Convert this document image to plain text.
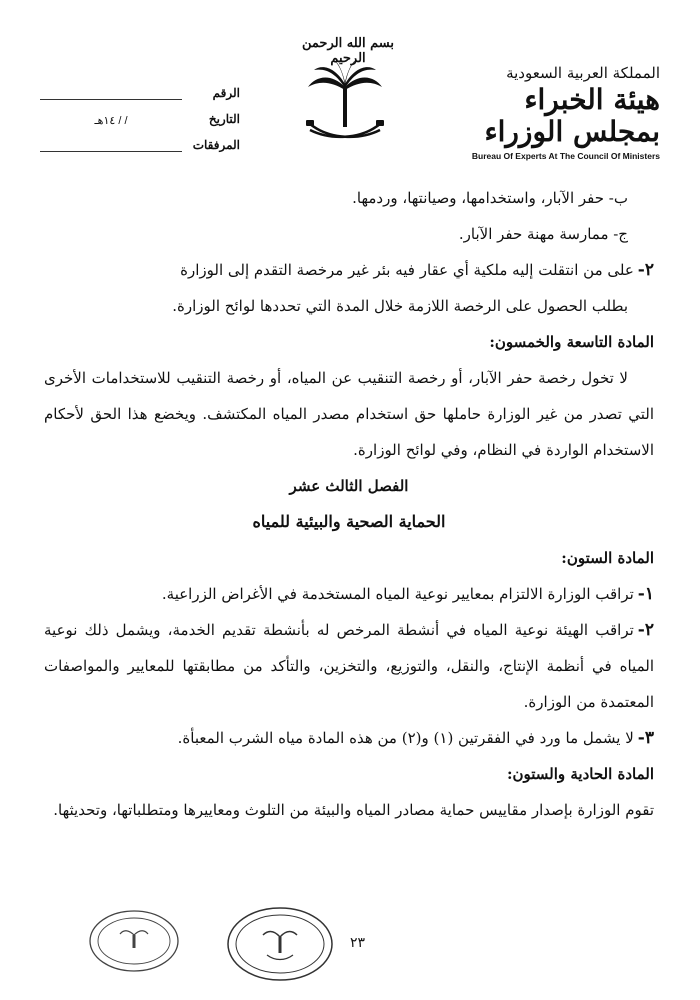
المملكة العربية السعودية
هيئة الخبراء بمجلس الوزراء
Bureau Of Experts At The Council Of Ministers
بسم الله الرحمن الرحيم
الرقم
التاريخ
/ / ١٤هـ
المرفقات

ب- حفر الآبار، واستخدامها، وصيانتها، وردمها.

ج- ممارسة مهنة حفر الآبار.

٢-على من انتقلت إليه ملكية أي عقار فيه بئر غير مرخصة التقدم إلى الوزارة

بطلب الحصول على الرخصة اللازمة خلال المدة التي تحددها لوائح الوزارة.

المادة التاسعة والخمسون:

لا تخول رخصة حفر الآبار، أو رخصة التنقيب عن المياه، أو رخصة التنقيب للاستخدامات الأخرى التي تصدر من غير الوزارة حاملها حق استخدام مصدر المياه المكتشف. ويخضع هذا الحق لأحكام الاستخدام الواردة في النظام، وفي لوائح الوزارة.

الفصل الثالث عشر

الحماية الصحية والبيئية للمياه

المادة الستون:

١-تراقب الوزارة الالتزام بمعايير نوعية المياه المستخدمة في الأغراض الزراعية.

٢-تراقب الهيئة نوعية المياه في أنشطة المرخص له بأنشطة تقديم الخدمة، ويشمل ذلك نوعية المياه في أنظمة الإنتاج، والنقل، والتوزيع، والتخزين، والتأكد من مطابقتها للمعايير والمواصفات المعتمدة من الوزارة.

٣-لا يشمل ما ورد في الفقرتين (١) و(٢) من هذه المادة مياه الشرب المعبأة.

المادة الحادية والستون:

تقوم الوزارة بإصدار مقاييس حماية مصادر المياه والبيئة من التلوث ومعاييرها ومتطلباتها، وتحديثها.

٢٣
